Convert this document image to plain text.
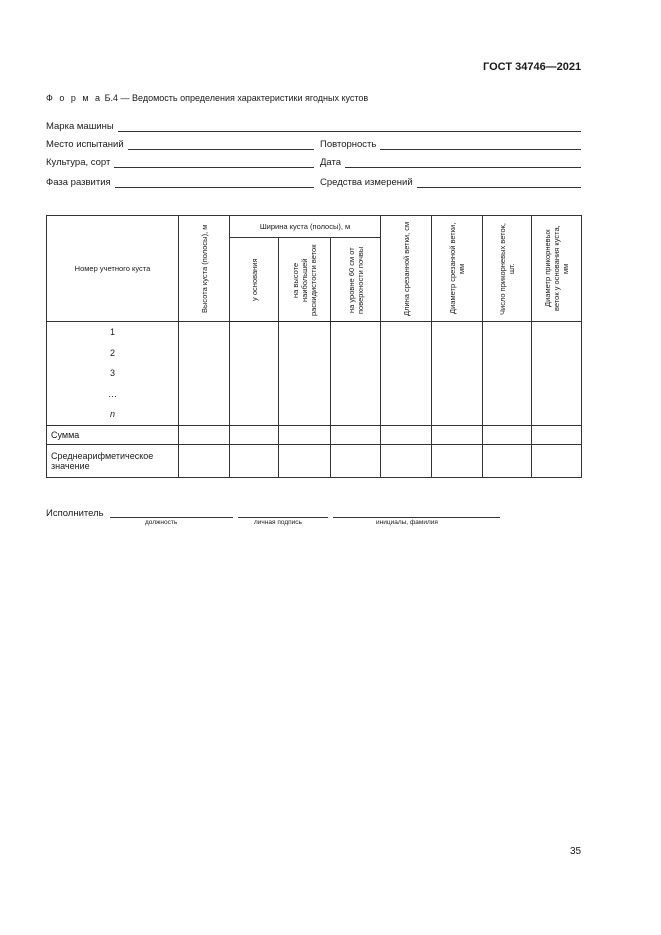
ГОСТ 34746—2021
Ф о р м а Б.4 — Ведомость определения характеристики ягодных кустов
Марка машины
Место испытаний	Повторность
Культура, сорт	Дата
Фаза развития	Средства измерений
Номер учетного куста	Высота куста (полосы), м	Ширина куста (полосы), м			Длина срезанной ветки, см	Диаметр срезанной ветки, мм	Число прикорневых веток, шт.	Диаметр прикорневых веток у основания куста, мм

		у основания	на высоте наибольшей раскидистости веток	на уровне 60 см от поверхности почвы				

1
2
3
…
n								

Сумма								
Среднеарифметическое значение								
Исполнитель
должность	личная подпись	инициалы, фамилия
35
